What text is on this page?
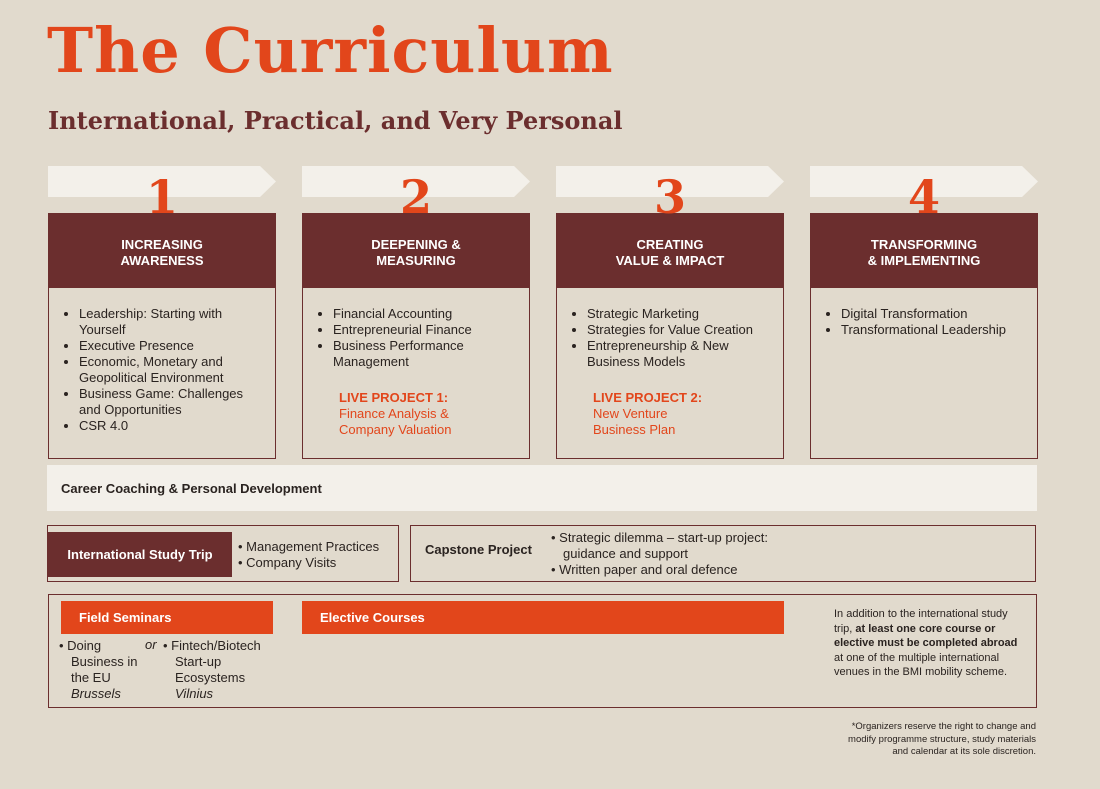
The Curriculum
International, Practical, and Very Personal
1
INCREASING
AWARENESS
• Leadership: Starting with Yourself
• Executive Presence
• Economic, Monetary and Geopolitical Environment
• Business Game: Challenges and Opportunities
• CSR 4.0
2
DEEPENING &
MEASURING
• Financial Accounting
• Entrepreneurial Finance
• Business Performance Management
LIVE PROJECT 1:
Finance Analysis &
Company Valuation
3
CREATING
VALUE & IMPACT
• Strategic Marketing
• Strategies for Value Creation
• Entrepreneurship & New Business Models
LIVE PROJECT 2:
New Venture
Business Plan
4
TRANSFORMING
& IMPLEMENTING
• Digital Transformation
• Transformational Leadership
Career Coaching & Personal Development
International Study Trip
• Management Practices
• Company Visits
Capstone Project
• Strategic dilemma – start-up project:
guidance and support
• Written paper and oral defence
Field Seminars	Elective Courses
• Doing
Business in
the EU
Brussels
or • Fintech/Biotech
Start-up
Ecosystems
Vilnius
In addition to the international study trip, at least one core course or elective must be completed abroad at one of the multiple international venues in the BMI mobility scheme.
*Organizers reserve the right to change and
modify programme structure, study materials
and calendar at its sole discretion.
